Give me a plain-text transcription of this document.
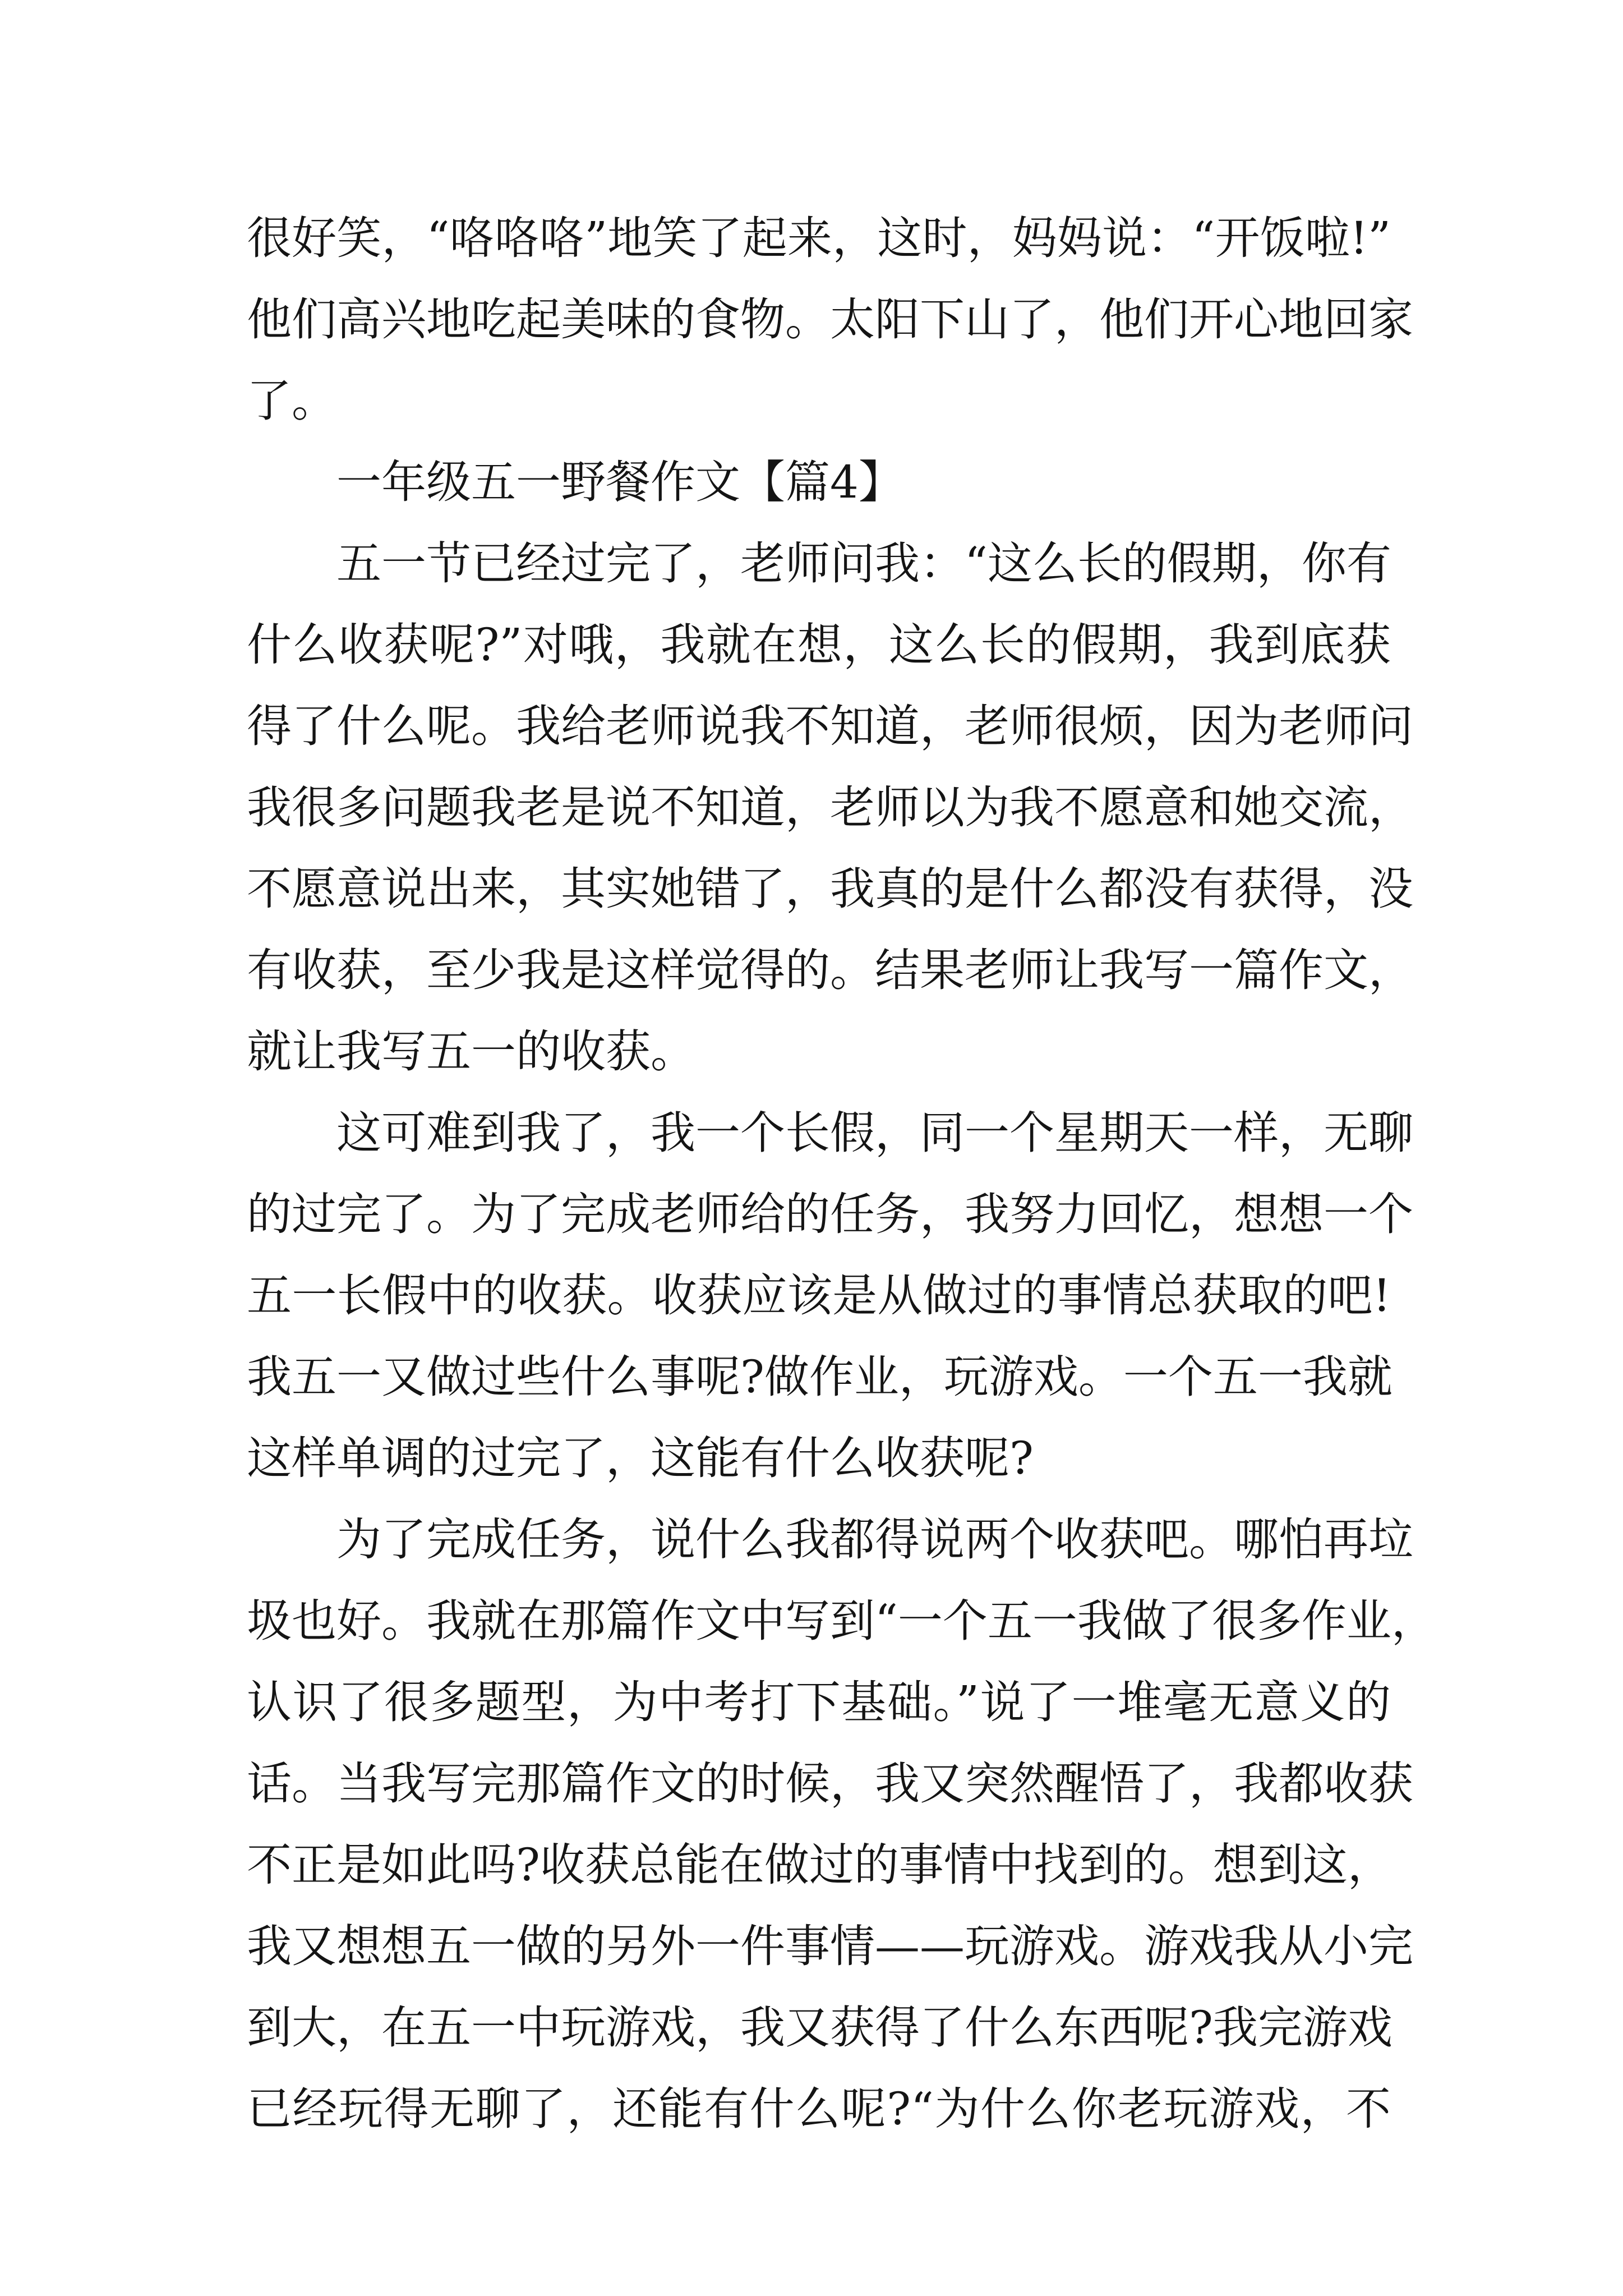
很好笑，“咯咯咯”地笑了起来，这时，妈妈说：“开饭啦!”
他们高兴地吃起美味的食物。太阳下山了，他们开心地回家
了。
一年级五一野餐作文【篇4】
五一节已经过完了，老师问我：“这么长的假期，你有
什么收获呢?”对哦，我就在想，这么长的假期，我到底获
得了什么呢。我给老师说我不知道，老师很烦，因为老师问
我很多问题我老是说不知道，老师以为我不愿意和她交流，
不愿意说出来，其实她错了，我真的是什么都没有获得，没
有收获，至少我是这样觉得的。结果老师让我写一篇作文，
就让我写五一的收获。
这可难到我了，我一个长假，同一个星期天一样，无聊
的过完了。为了完成老师给的任务，我努力回忆，想想一个
五一长假中的收获。收获应该是从做过的事情总获取的吧!
我五一又做过些什么事呢?做作业，玩游戏。一个五一我就
这样单调的过完了，这能有什么收获呢?
为了完成任务，说什么我都得说两个收获吧。哪怕再垃
圾也好。我就在那篇作文中写到“一个五一我做了很多作业，
认识了很多题型，为中考打下基础。”说了一堆毫无意义的
话。当我写完那篇作文的时候，我又突然醒悟了，我都收获
不正是如此吗?收获总能在做过的事情中找到的。想到这，
我又想想五一做的另外一件事情——玩游戏。游戏我从小完
到大，在五一中玩游戏，我又获得了什么东西呢?我完游戏
已经玩得无聊了，还能有什么呢?“为什么你老玩游戏，不
